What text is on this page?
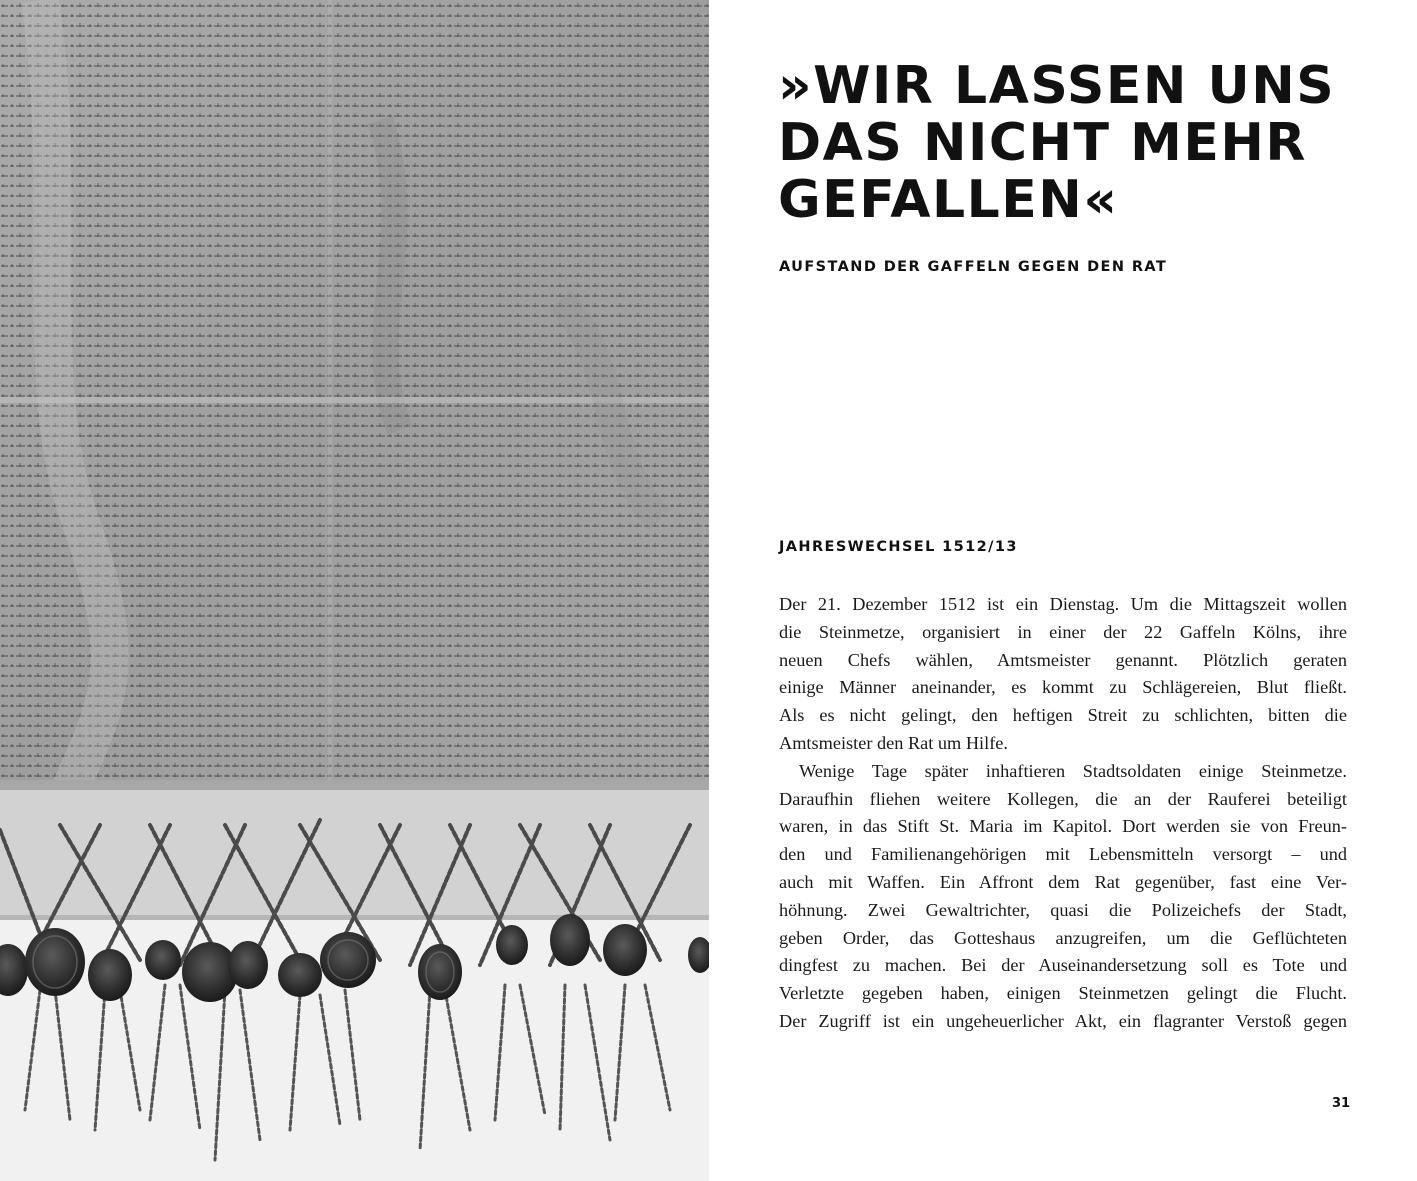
»WIR LASSEN UNS
DAS NICHT MEHR
GEFALLEN«
AUFSTAND DER GAFFELN GEGEN DEN RAT
JAHRESWECHSEL 1512/13
Der 21. Dezember 1512 ist ein Dienstag. Um die Mittagszeit wollen
die Steinmetze, organisiert in einer der 22 Gaffeln Kölns, ihre
neuen Chefs wählen, Amtsmeister genannt. Plötzlich geraten
einige Männer aneinander, es kommt zu Schlägereien, Blut fließt.
Als es nicht gelingt, den heftigen Streit zu schlichten, bitten die
Amtsmeister den Rat um Hilfe.
Wenige Tage später inhaftieren Stadtsoldaten einige Steinmetze.
Daraufhin fliehen weitere Kollegen, die an der Rauferei beteiligt
waren, in das Stift St. Maria im Kapitol. Dort werden sie von Freun-
den und Familienangehörigen mit Lebensmitteln versorgt – und
auch mit Waffen. Ein Affront dem Rat gegenüber, fast eine Ver-
höhnung. Zwei Gewaltrichter, quasi die Polizeichefs der Stadt,
geben Order, das Gotteshaus anzugreifen, um die Geflüchteten
dingfest zu machen. Bei der Auseinandersetzung soll es Tote und
Verletzte gegeben haben, einigen Steinmetzen gelingt die Flucht.
Der Zugriff ist ein ungeheuerlicher Akt, ein flagranter Verstoß gegen
31
